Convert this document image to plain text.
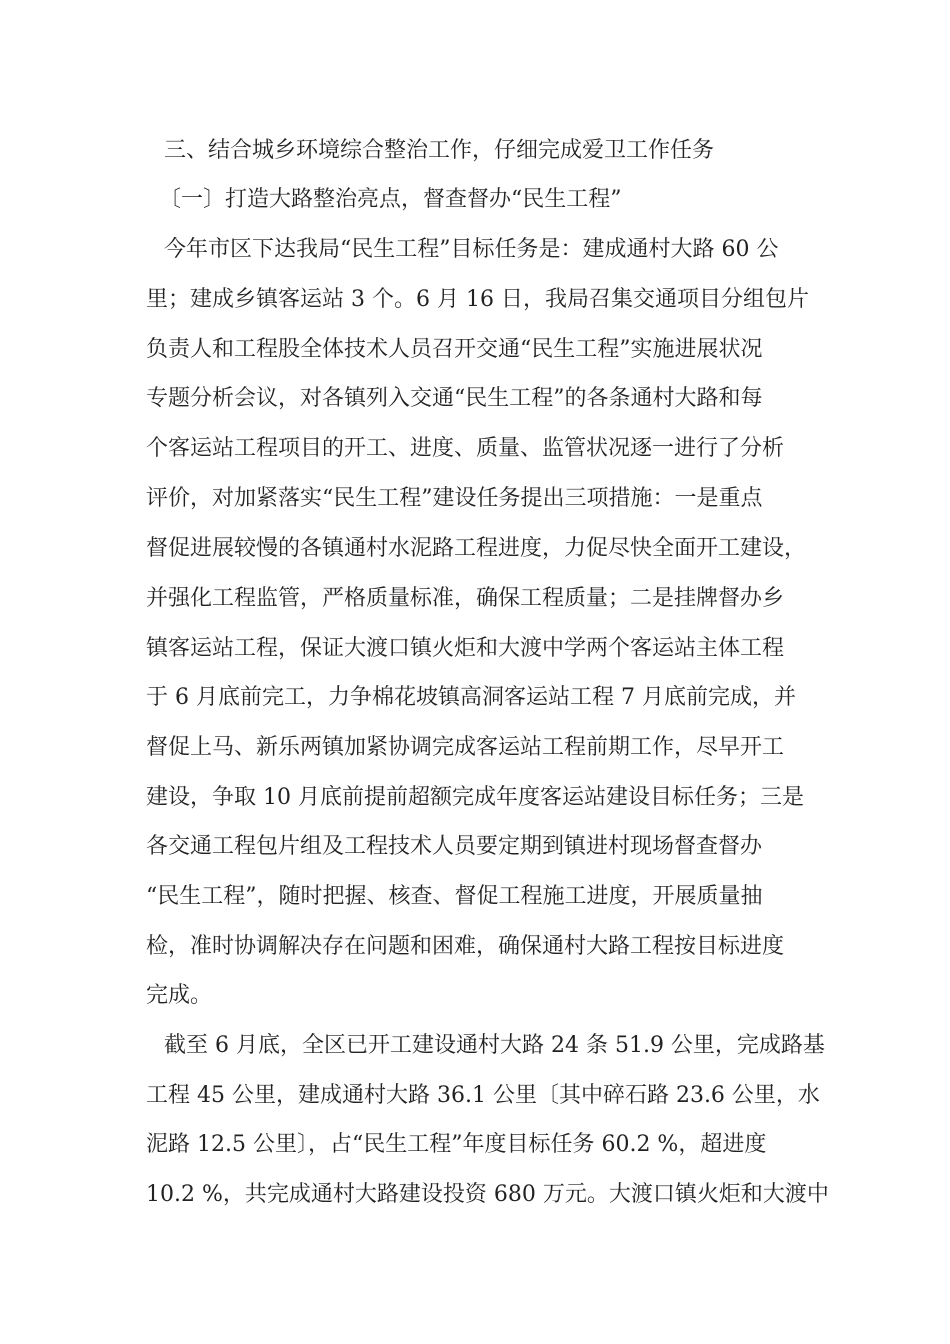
三、结合城乡环境综合整治工作，仔细完成爱卫工作任务

〔一〕打造大路整治亮点，督查督办“民生工程”

今年市区下达我局“民生工程”目标任务是：建成通村大路 60 公

里；建成乡镇客运站 3 个。6 月 16 日，我局召集交通项目分组包片

负责人和工程股全体技术人员召开交通“民生工程”实施进展状况

专题分析会议，对各镇列入交通“民生工程”的各条通村大路和每

个客运站工程项目的开工、进度、质量、监管状况逐一进行了分析

评价，对加紧落实“民生工程”建设任务提出三项措施：一是重点

督促进展较慢的各镇通村水泥路工程进度，力促尽快全面开工建设，

并强化工程监管，严格质量标准，确保工程质量；二是挂牌督办乡

镇客运站工程，保证大渡口镇火炬和大渡中学两个客运站主体工程

于 6 月底前完工，力争棉花坡镇高洞客运站工程 7 月底前完成，并

督促上马、新乐两镇加紧协调完成客运站工程前期工作，尽早开工

建设，争取 10 月底前提前超额完成年度客运站建设目标任务；三是

各交通工程包片组及工程技术人员要定期到镇进村现场督查督办

“民生工程”，随时把握、核查、督促工程施工进度，开展质量抽

检，准时协调解决存在问题和困难，确保通村大路工程按目标进度

完成。

截至 6 月底，全区已开工建设通村大路 24 条 51.9 公里，完成路基

工程 45 公里，建成通村大路 36.1 公里〔其中碎石路 23.6 公里，水

泥路 12.5 公里〕，占“民生工程”年度目标任务 60.2 %，超进度

10.2 %，共完成通村大路建设投资 680 万元。大渡口镇火炬和大渡中
